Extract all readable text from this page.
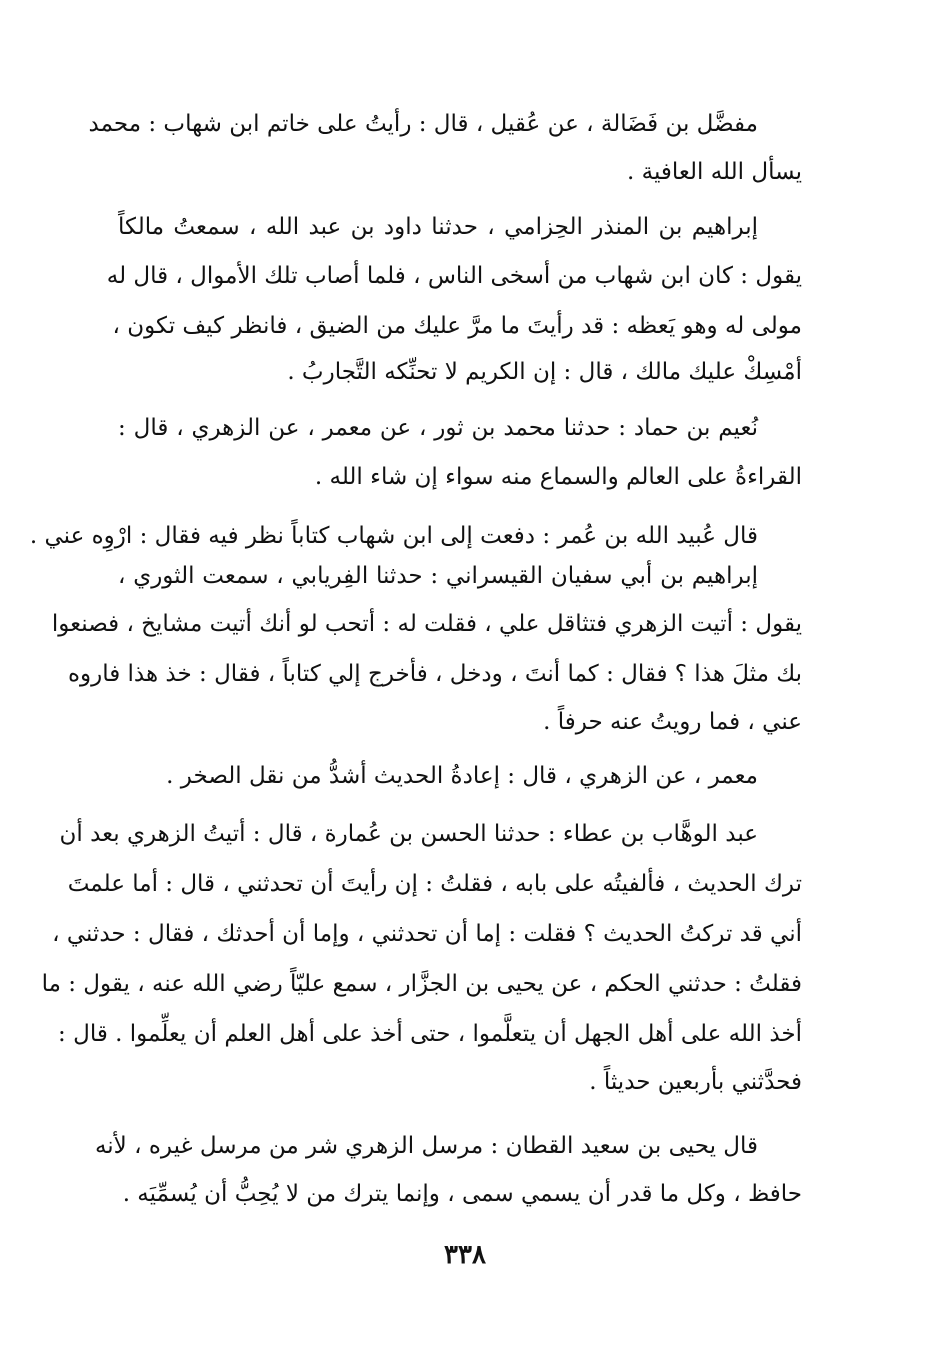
مفضَّل بن فَضَالة ، عن عُقيل ، قال : رأيتُ على خاتم ابن شهاب : محمد
يسأل الله العافية .
إبراهيم بن المنذر الحِزامي ، حدثنا داود بن عبد الله ، سمعتُ مالكاً
يقول : كان ابن شهاب من أسخى الناس ، فلما أصاب تلك الأموال ، قال له
مولى له وهو يَعظه : قد رأيتَ ما مرَّ عليك من الضيق ، فانظر كيف تكون ،
أمْسِكْ عليك مالك ، قال : إن الكريم لا تحنِّكه التَّجاربُ .
نُعيم بن حماد : حدثنا محمد بن ثور ، عن معمر ، عن الزهري ، قال :
القراءةُ على العالم والسماع منه سواء إن شاء الله .
قال عُبيد الله بن عُمر : دفعت إلى ابن شهاب كتاباً نظر فيه فقال : ارْوِه عني .
إبراهيم بن أبي سفيان القيسراني : حدثنا الفِريابي ، سمعت الثوري ،
يقول : أتيت الزهري فتثاقل علي ، فقلت له : أتحب لو أنك أتيت مشايخ ، فصنعوا
بك مثلَ هذا ؟ فقال : كما أنتَ ، ودخل ، فأخرج إلي كتاباً ، فقال : خذ هذا فاروه
عني ، فما رويتُ عنه حرفاً .
معمر ، عن الزهري ، قال : إعادةُ الحديث أشدُّ من نقل الصخر .
عبد الوهَّاب بن عطاء : حدثنا الحسن بن عُمارة ، قال : أتيتُ الزهري بعد أن
ترك الحديث ، فألفيتُه على بابه ، فقلتُ : إن رأيتَ أن تحدثني ، قال : أما علمتَ
أني قد تركتُ الحديث ؟ فقلت : إما أن تحدثني ، وإما أن أحدثك ، فقال : حدثني ،
فقلتُ : حدثني الحكم ، عن يحيى بن الجزَّار ، سمع عليّاً رضي الله عنه ، يقول : ما
أخذ الله على أهل الجهل أن يتعلَّموا ، حتى أخذ على أهل العلم أن يعلِّموا . قال :
فحدَّثني بأربعين حديثاً .
قال يحيى بن سعيد القطان : مرسل الزهري شر من مرسل غيره ، لأنه
حافظ ، وكل ما قدر أن يسمي سمى ، وإنما يترك من لا يُحِبُّ أن يُسمِّيَه .
٣٣٨
